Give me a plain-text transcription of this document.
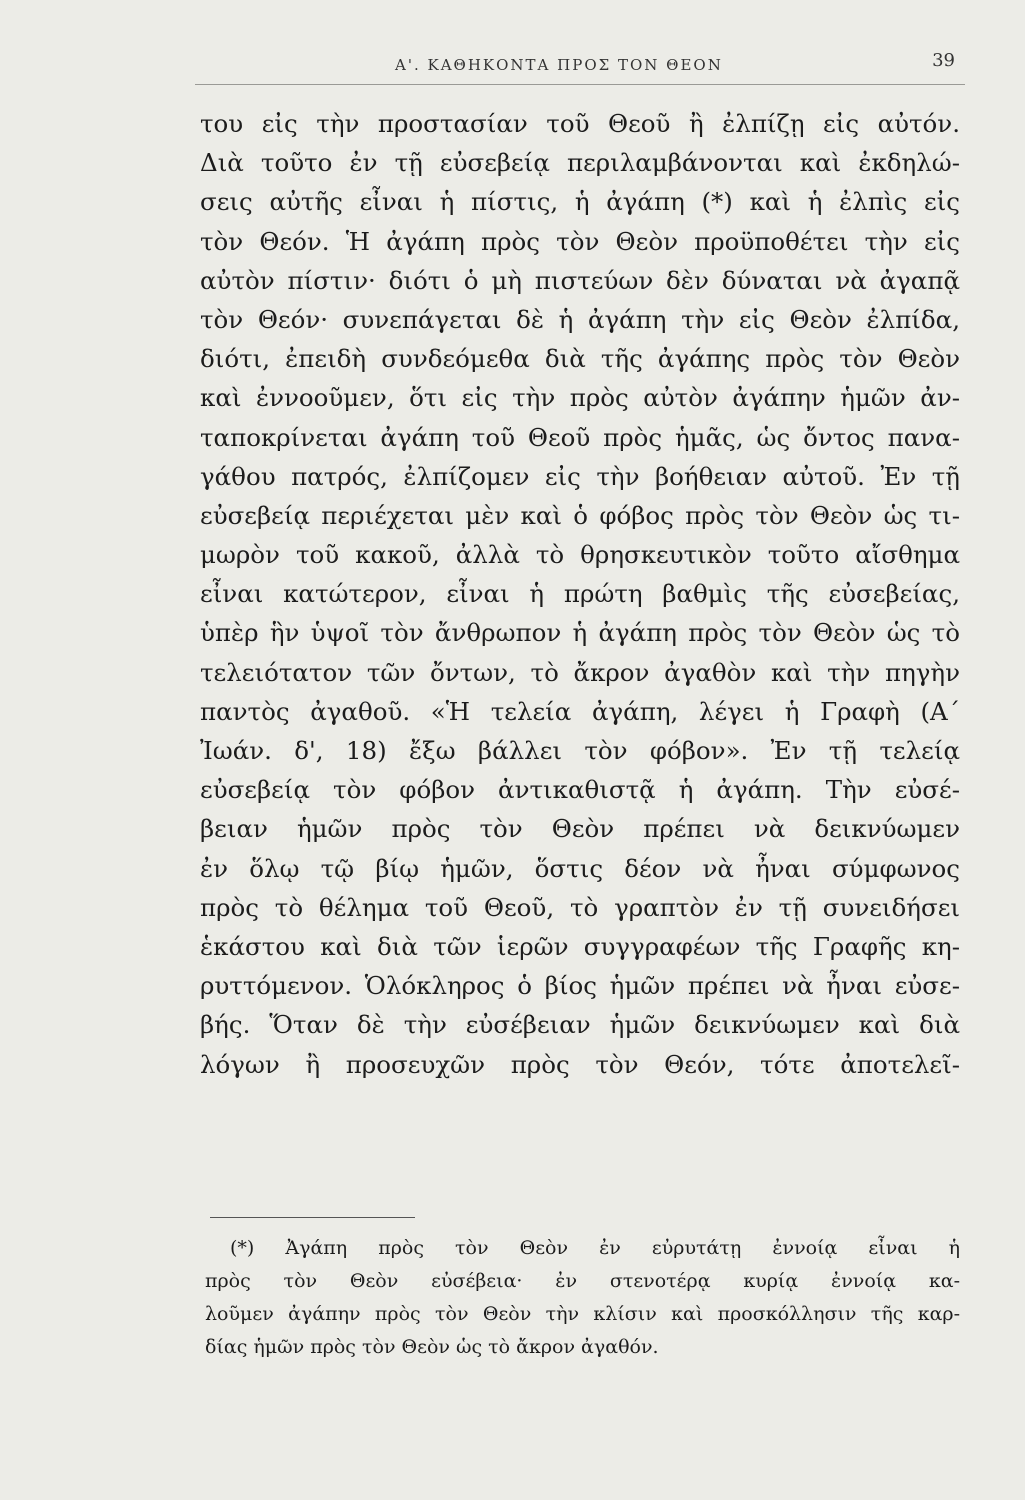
Α'. ΚΑΘΗΚΟΝΤΑ ΠΡΟΣ ΤΟΝ ΘΕΟΝ	39
του εἰς τὴν προστασίαν τοῦ Θεοῦ ἢ ἐλπίζῃ εἰς αὐτόν.
Διὰ τοῦτο ἐν τῇ εὐσεβείᾳ περιλαμβάνονται καὶ ἐκδηλώ-
σεις αὐτῆς εἶναι ἡ πίστις, ἡ ἀγάπη (*) καὶ ἡ ἐλπὶς εἰς
τὸν Θεόν. Ἡ ἀγάπη πρὸς τὸν Θεὸν προϋποθέτει τὴν εἰς
αὐτὸν πίστιν· διότι ὁ μὴ πιστεύων δὲν δύναται νὰ ἀγαπᾷ
τὸν Θεόν· συνεπάγεται δὲ ἡ ἀγάπη τὴν εἰς Θεὸν ἐλπίδα,
διότι, ἐπειδὴ συνδεόμεθα διὰ τῆς ἀγάπης πρὸς τὸν Θεὸν
καὶ ἐννοοῦμεν, ὅτι εἰς τὴν πρὸς αὐτὸν ἀγάπην ἡμῶν ἀν-
ταποκρίνεται ἀγάπη τοῦ Θεοῦ πρὸς ἡμᾶς, ὡς ὄντος πανα-
γάθου πατρός, ἐλπίζομεν εἰς τὴν βοήθειαν αὐτοῦ. Ἐν τῇ
εὐσεβείᾳ περιέχεται μὲν καὶ ὁ φόβος πρὸς τὸν Θεὸν ὡς τι-
μωρὸν τοῦ κακοῦ, ἀλλὰ τὸ θρησκευτικὸν τοῦτο αἴσθημα
εἶναι κατώτερον, εἶναι ἡ πρώτη βαθμὶς τῆς εὐσεβείας,
ὑπὲρ ἣν ὑψοῖ τὸν ἄνθρωπον ἡ ἀγάπη πρὸς τὸν Θεὸν ὡς τὸ
τελειότατον τῶν ὄντων, τὸ ἄκρον ἀγαθὸν καὶ τὴν πηγὴν
παντὸς ἀγαθοῦ. «Ἡ τελεία ἀγάπη, λέγει ἡ Γραφὴ (Α΄
Ἰωάν. δ', 18) ἔξω βάλλει τὸν φόβον». Ἐν τῇ τελείᾳ
εὐσεβείᾳ τὸν φόβον ἀντικαθιστᾷ ἡ ἀγάπη. Τὴν εὐσέ-
βειαν ἡμῶν πρὸς τὸν Θεὸν πρέπει νὰ δεικνύωμεν
ἐν ὅλῳ τῷ βίῳ ἡμῶν, ὅστις δέον νὰ ἦναι σύμφωνος
πρὸς τὸ θέλημα τοῦ Θεοῦ, τὸ γραπτὸν ἐν τῇ συνειδήσει
ἑκάστου καὶ διὰ τῶν ἱερῶν συγγραφέων τῆς Γραφῆς κη-
ρυττόμενον. Ὁλόκληρος ὁ βίος ἡμῶν πρέπει νὰ ἦναι εὐσε-
βής. Ὅταν δὲ τὴν εὐσέβειαν ἡμῶν δεικνύωμεν καὶ διὰ
λόγων ἢ προσευχῶν πρὸς τὸν Θεόν, τότε ἀποτελεῖ-
(*) Ἀγάπη πρὸς τὸν Θεὸν ἐν εὐρυτάτῃ ἐννοίᾳ εἶναι ἡ
πρὸς τὸν Θεὸν εὐσέβεια· ἐν στενοτέρᾳ κυρίᾳ ἐννοίᾳ κα-
λοῦμεν ἀγάπην πρὸς τὸν Θεὸν τὴν κλίσιν καὶ προσκόλλησιν τῆς καρ-
δίας ἡμῶν πρὸς τὸν Θεὸν ὡς τὸ ἄκρον ἀγαθόν.
